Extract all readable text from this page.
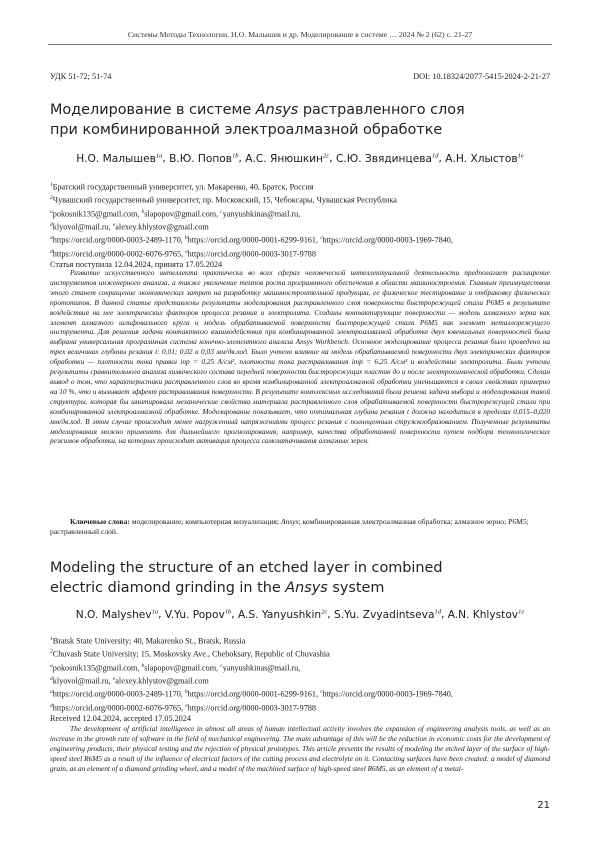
Системы Методы Технологии. Н.О. Малышев и др. Моделирование в системе … 2024 № 2 (62) с. 21-27
УДК 51-72; 51-74	DOI: 10.18324/2077-5415-2024-2-21-27
Моделирование в системе Ansys растравленного слоя
при комбинированной электроалмазной обработке
Н.О. Малышев$^{1a}$, В.Ю. Попов$^{1b}$, А.С. Янюшкин$^{2c}$, С.Ю. Звядинцева$^{1d}$, А.Н. Хлыстов$^{1e}$
$^1$Братский государственный университет, ул. Макаренко, 40, Братск, Россия
$^2$Чувашский государственный университет, пр. Московский, 15, Чебоксары, Чувашская Республика
$^a$pokosnik135@gmail.com, $^b$slapopov@gmail.com, $^c$yanyushkinas@mail.ru,
$^d$klyovol@mail.ru, $^e$alexey.khlystov@gmail.com
$^a$https://orcid.org/0000-0003-2489-1170, $^b$https://orcid.org/0000-0001-6299-9161, $^c$https://orcid.org/0000-0003-1969-7840,
$^d$https://orcid.org/0000-0002-6076-9765, $^e$https://orcid.org/0000-0003-3017-9788
Статья поступила 12.04.2024, принята 17.05.2024
Развитие искусственного интеллекта практически во всех сферах человеческой интеллектуальной деятельности предполагает расширение инструментов инженерного анализа, а также увеличение темпов роста программного обеспечения в области машиностроения. Главным преимуществом этого станет сокращение экономических затрат на разработку машиностроительной продукции, ее физическое тестирование и отбраковку физических прототипов. В данной статье представлены результаты моделирования растравленного слоя поверхности быстрорежущей стали Р6М5 в результате воздействия на нее электрических факторов процесса резания и электролита. Созданы контактирующие поверхности — модель алмазного зерна как элемент алмазного шлифовального круга и модель обрабатываемой поверхности быстрорежущей стали Р6М5 как элемент металлорежущего инструмента. Для решения задачи контактного взаимодействия при комбинированной электроалмазной обработке двух ювенильных поверхностей была выбрана универсальная программная система конечно-элементного анализа Ansys Workbench. Основное моделирование процесса резания было проведено на трех величинах глубины резания t: 0,01; 0,02 и 0,03 мм/дв.ход. Было учтено влияние на модель обрабатываемой поверхности двух электрических факторов обработки — плотности тока правки iпр = 0,25 А/см², плотности тока растравливания iтр = 6,25 А/см² и воздействие электролита. Были учтены результаты сравнительного анализа химического состава передней поверхности быстрорежущих пластин до и после электрохимической обработки. Сделан вывод о том, что характеристики растравленного слоя во время комбинированной электроалмазной обработки уменьшаются в своих свойствах примерно на 10 %, что и вызывает эффект растравливания поверхности. В результате комплексных исследований была решена задача выбора и моделирования такой структуры, которая бы имитировала механические свойства материала растравленного слоя обрабатываемой поверхности быстрорежущей стали при комбинированной электроалмазной обработке. Моделирование показывает, что оптимальная глубина резания t должна находиться в пределах 0,015–0,020 мм/дв.ход. В этом случае происходит менее нагруженный напряжениями процесс резания с полноценным стружкообразованием. Полученные результаты моделирования можно применять для дальнейшего прогнозирования, например, качества обработанной поверхности путем подбора технологических режимов обработки, на которых происходит активация процесса самозатачивания алмазных зерен.
Ключевые слова: моделирование; компьютерная визуализация; Ansys; комбинированная электроалмазная обработка; алмазное зерно; Р6М5; растравленный слой.
Modeling the structure of an etched layer in combined
electric diamond grinding in the Ansys system
N.O. Malyshev$^{1a}$, V.Yu. Popov$^{1b}$, A.S. Yanyushkin$^{2c}$, S.Yu. Zvyadintseva$^{1d}$, A.N. Khlystov$^{1e}$
$^1$Bratsk State University; 40, Makarenko St., Bratsk, Russia
$^2$Chuvash State University; 15, Moskovsky Ave., Cheboksary, Republic of Chuvashia
$^a$pokosnik135@gmail.com, $^b$slapopov@gmail.com, $^c$yanyushkinas@mail.ru,
$^d$klyovol@mail.ru, $^e$alexey.khlystov@gmail.com
$^a$https://orcid.org/0000-0003-2489-1170, $^b$https://orcid.org/0000-0001-6299-9161, $^c$https://orcid.org/0000-0003-1969-7840,
$^d$https://orcid.org/0000-0002-6076-9765, $^e$https://orcid.org/0000-0003-3017-9788
Received 12.04.2024, accepted 17.05.2024
The development of artificial intelligence in almost all areas of human intellectual activity involves the expansion of engineering analysis tools, as well as an increase in the growth rate of software in the field of mechanical engineering. The main advantage of this will be the reduction in economic costs for the development of engineering products, their physical testing and the rejection of physical prototypes. This article presents the results of modeling the etched layer of the surface of high-speed steel R6M5 as a result of the influence of electrical factors of the cutting process and electrolyte on it. Contacting surfaces have been created: a model of diamond grain, as an element of a diamond grinding wheel, and a model of the machined surface of high-speed steel R6M5, as an element of a metal-
21
